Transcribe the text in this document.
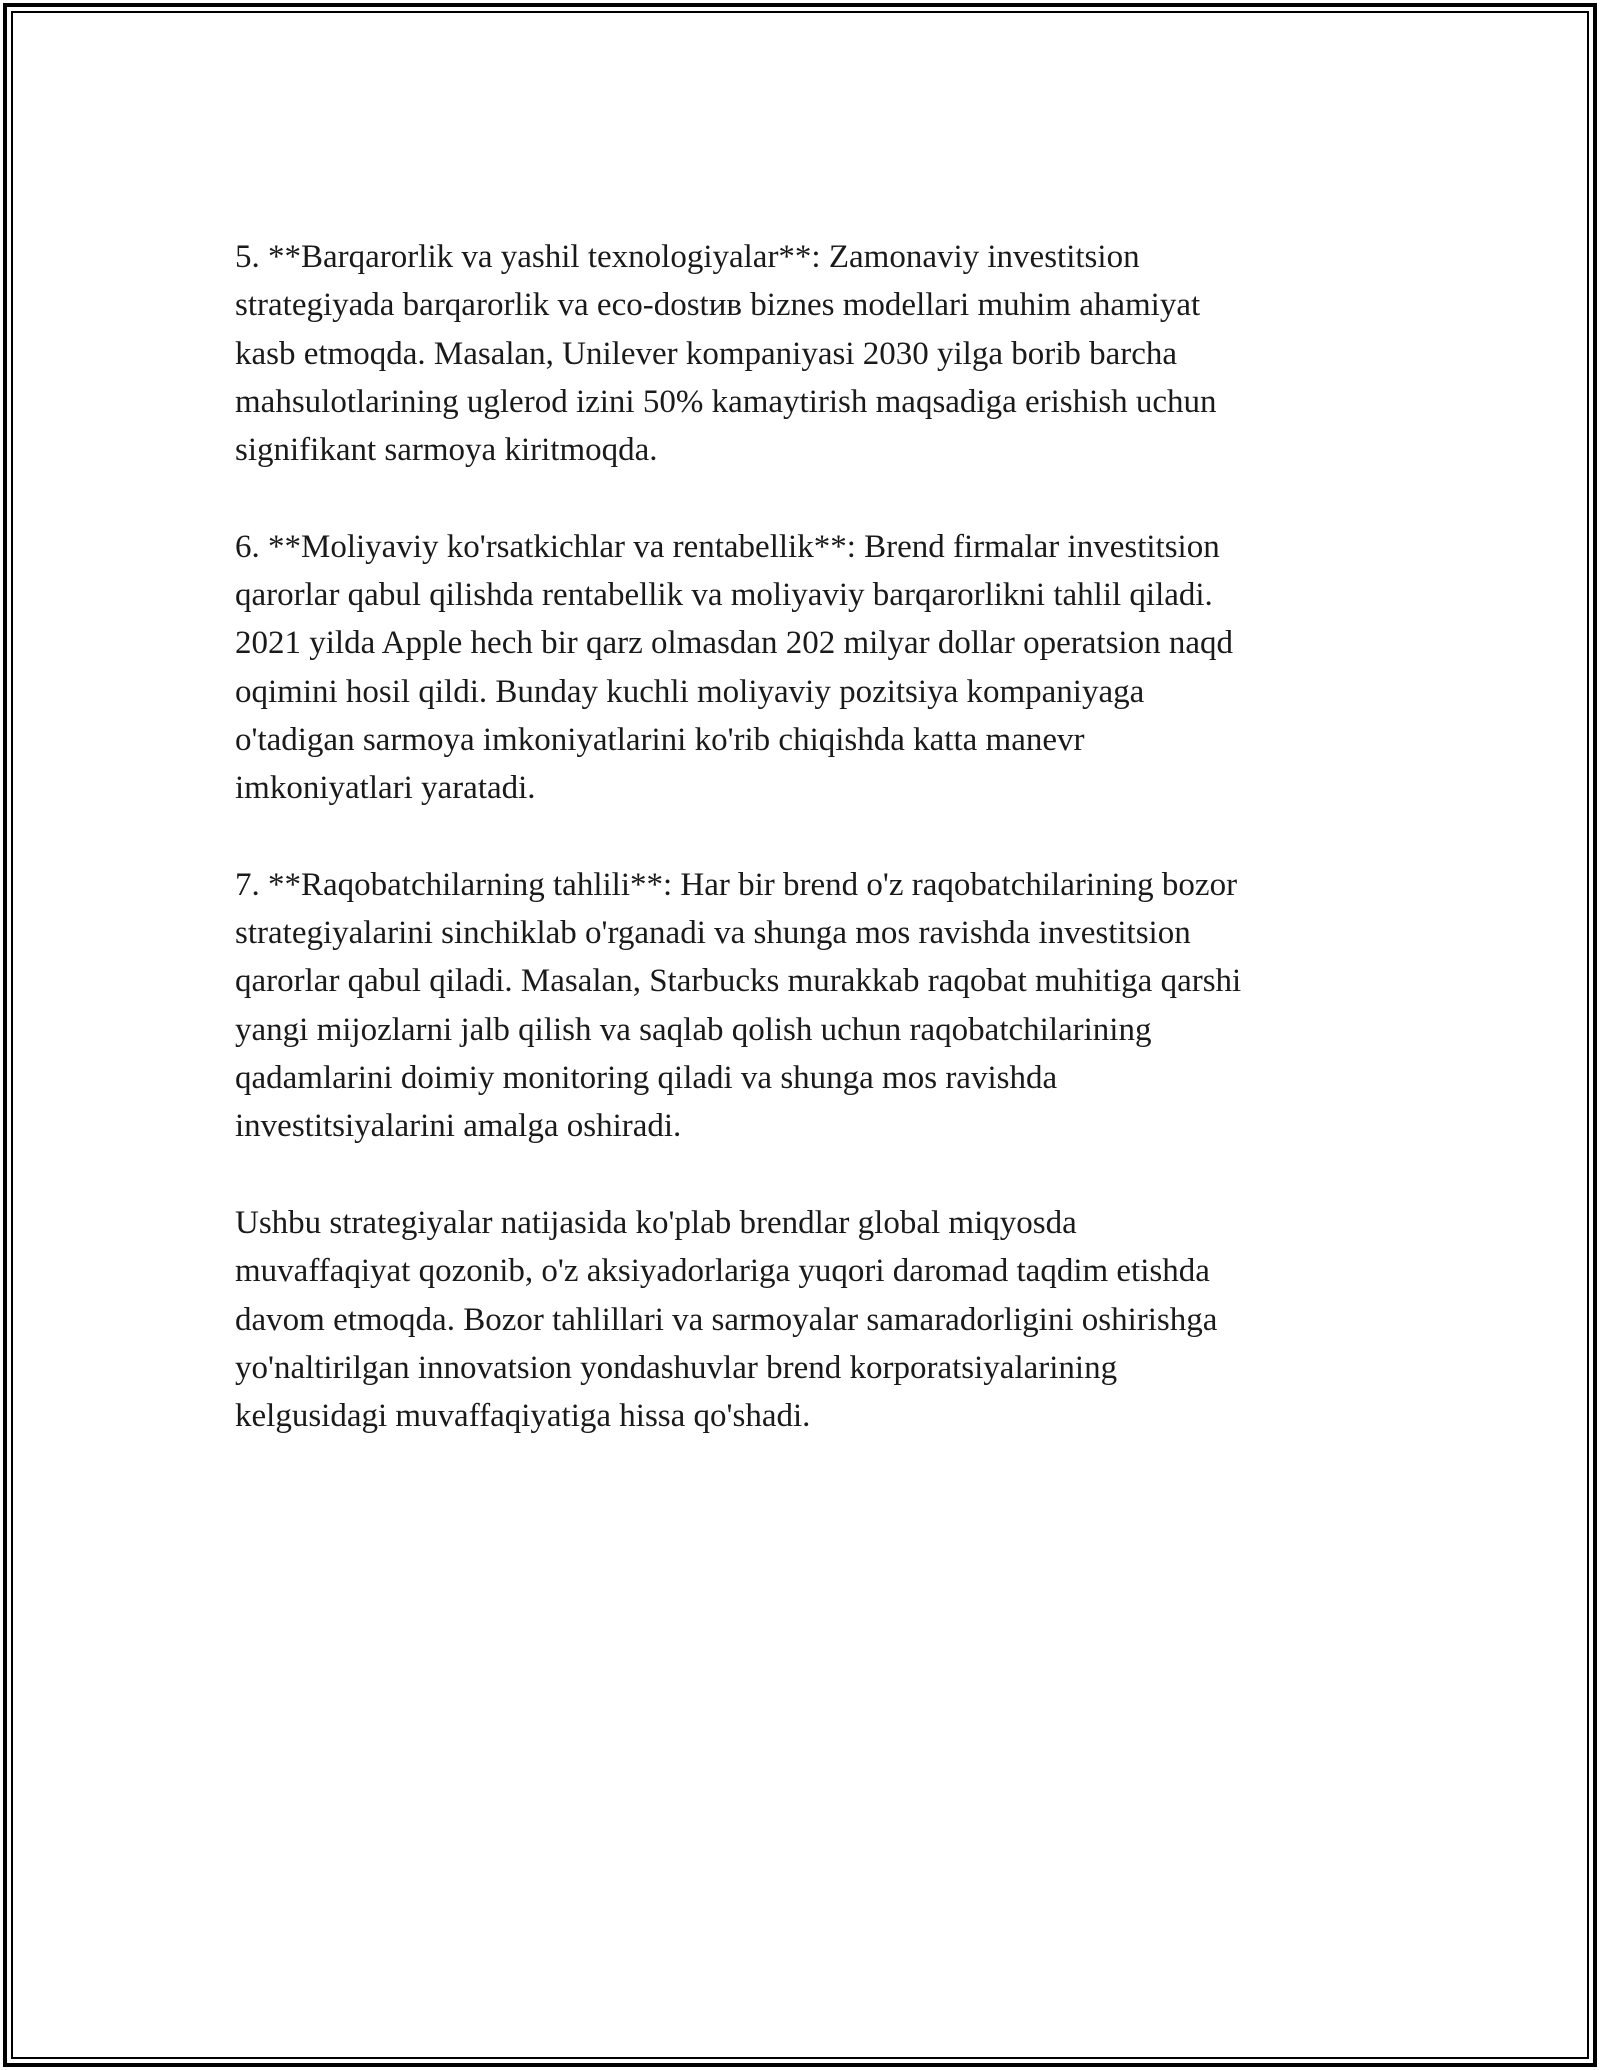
5. **Barqarorlik va yashil texnologiyalar**: Zamonaviy investitsion
strategiyada barqarorlik va eco-dostив biznes modellari muhim ahamiyat
kasb etmoqda. Masalan, Unilever kompaniyasi 2030 yilga borib barcha
mahsulotlarining uglerod izini 50% kamaytirish maqsadiga erishish uchun
signifikant sarmoya kiritmoqda.

6. **Moliyaviy ko'rsatkichlar va rentabellik**: Brend firmalar investitsion
qarorlar qabul qilishda rentabellik va moliyaviy barqarorlikni tahlil qiladi.
2021 yilda Apple hech bir qarz olmasdan 202 milyar dollar operatsion naqd
oqimini hosil qildi. Bunday kuchli moliyaviy pozitsiya kompaniyaga
o'tadigan sarmoya imkoniyatlarini ko'rib chiqishda katta manevr
imkoniyatlari yaratadi.

7. **Raqobatchilarning tahlili**: Har bir brend o'z raqobatchilarining bozor
strategiyalarini sinchiklab o'rganadi va shunga mos ravishda investitsion
qarorlar qabul qiladi. Masalan, Starbucks murakkab raqobat muhitiga qarshi
yangi mijozlarni jalb qilish va saqlab qolish uchun raqobatchilarining
qadamlarini doimiy monitoring qiladi va shunga mos ravishda
investitsiyalarini amalga oshiradi.

Ushbu strategiyalar natijasida ko'plab brendlar global miqyosda
muvaffaqiyat qozonib, o'z aksiyadorlariga yuqori daromad taqdim etishda
davom etmoqda. Bozor tahlillari va sarmoyalar samaradorligini oshirishga
yo'naltirilgan innovatsion yondashuvlar brend korporatsiyalarining
kelgusidagi muvaffaqiyatiga hissa qo'shadi.
